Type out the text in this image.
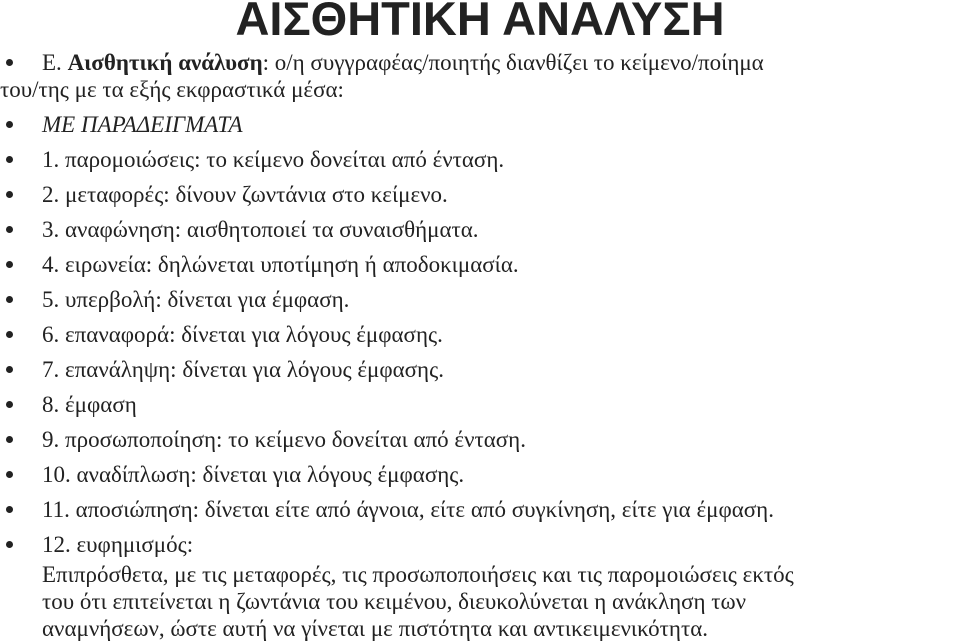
ΑΙΣΘΗΤΙΚΗ ΑΝΑΛΥΣΗ
Ε. Αισθητική ανάλυση: ο/η συγγραφέας/ποιητής διανθίζει το κείμενο/ποίημα
του/της με τα εξής εκφραστικά μέσα:
ΜΕ ΠΑΡΑΔΕΙΓΜΑΤΑ
1. παρομοιώσεις: το κείμενο δονείται από ένταση.
2. μεταφορές: δίνουν ζωντάνια στο κείμενο.
3. αναφώνηση: αισθητοποιεί τα συναισθήματα.
4. ειρωνεία: δηλώνεται υποτίμηση ή αποδοκιμασία.
5. υπερβολή: δίνεται για έμφαση.
6. επαναφορά: δίνεται για λόγους έμφασης.
7. επανάληψη: δίνεται για λόγους έμφασης.
8. έμφαση
9. προσωποποίηση: το κείμενο δονείται από ένταση.
10. αναδίπλωση: δίνεται για λόγους έμφασης.
11. αποσιώπηση: δίνεται είτε από άγνοια, είτε από συγκίνηση, είτε για έμφαση.
12. ευφημισμός:
Επιπρόσθετα, με τις μεταφορές, τις προσωποποιήσεις και τις παρομοιώσεις εκτός
του ότι επιτείνεται η ζωντάνια του κειμένου, διευκολύνεται η ανάκληση των
αναμνήσεων, ώστε αυτή να γίνεται με πιστότητα και αντικειμενικότητα.
